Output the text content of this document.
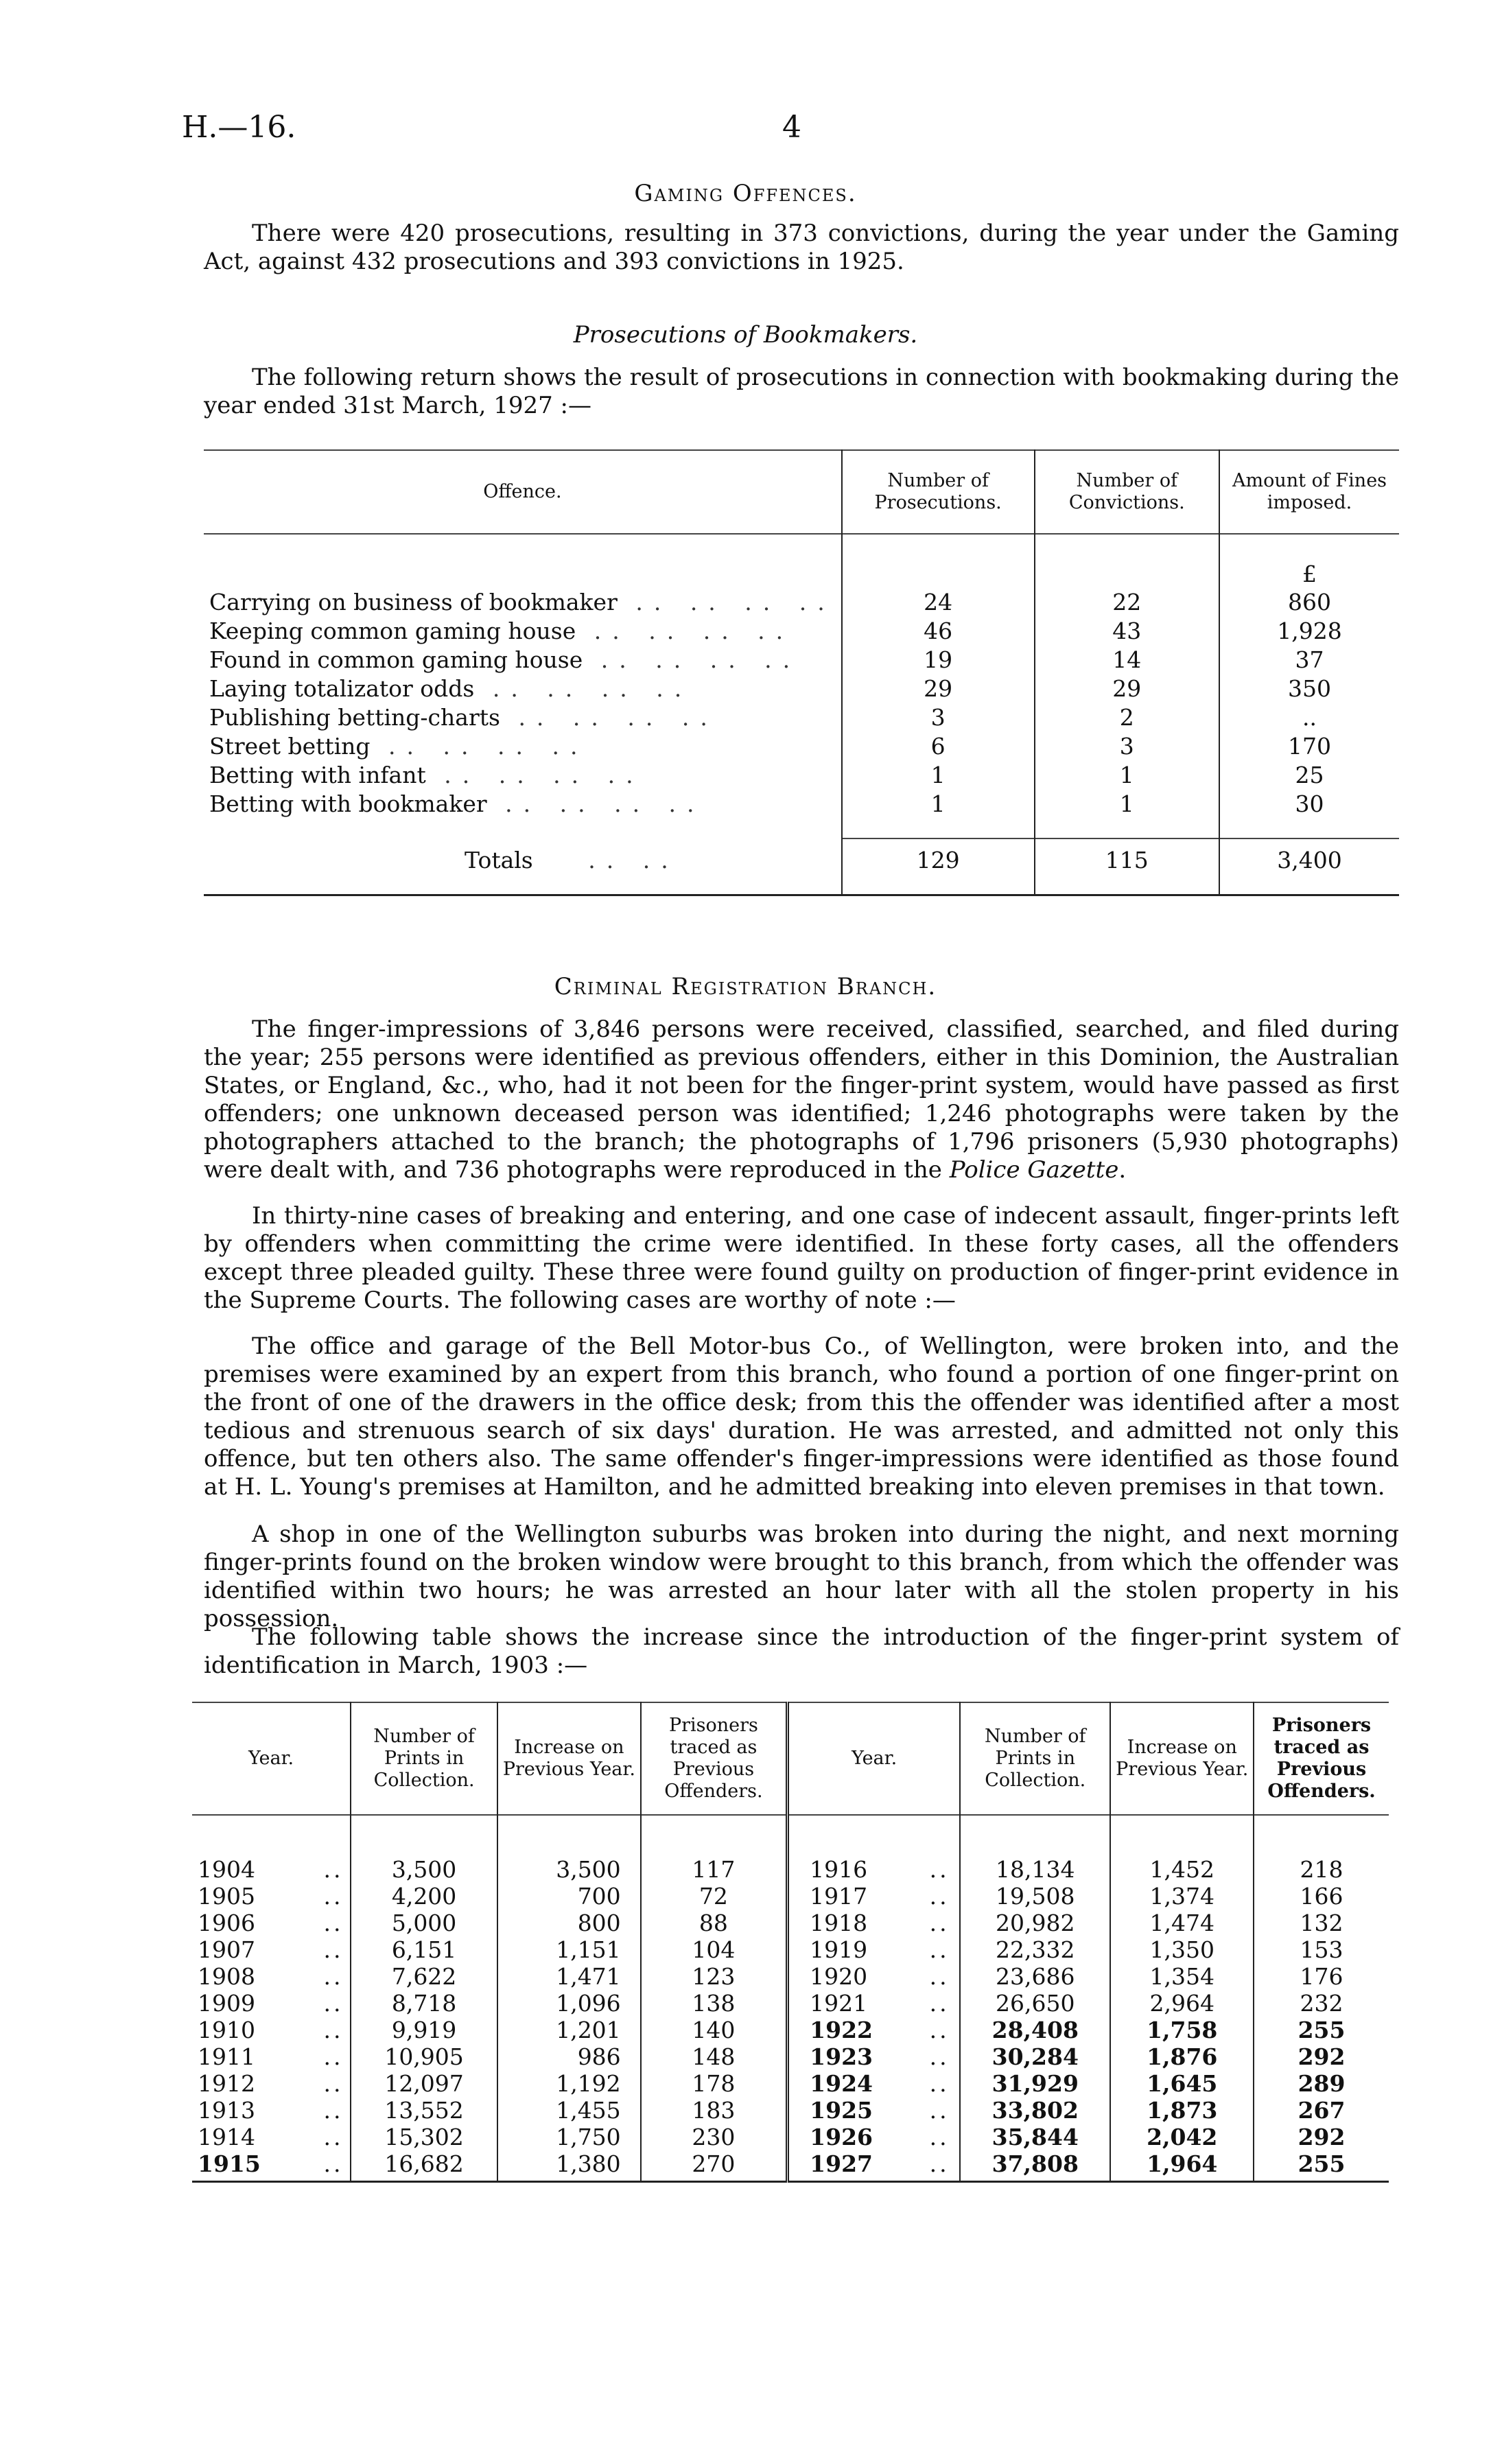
H.—16.	4
Gaming Offences.
There were 420 prosecutions, resulting in 373 convictions, during the year under the Gaming Act, against 432 prosecutions and 393 convictions in 1925.
Prosecutions of Bookmakers.
The following return shows the result of prosecutions in connection with bookmaking during the year ended 31st March, 1927 :—
Offence.	Number of Prosecutions.	Number of Convictions.	Amount of Fines imposed.
			£
Carrying on business of bookmaker .. .. .. ..	24	22	860
Keeping common gaming house .. .. .. ..	46	43	1,928
Found in common gaming house .. .. .. ..	19	14	37
Laying totalizator odds .. .. .. ..	29	29	350
Publishing betting-charts .. .. .. ..	3	2	..
Street betting .. .. .. ..	6	3	170
Betting with infant .. .. .. ..	1	1	25
Betting with bookmaker .. .. .. ..	1	1	30

Totals .. ..	129	115	3,400

Criminal Registration Branch.
The finger-impressions of 3,846 persons were received, classified, searched, and filed during the year; 255 persons were identified as previous offenders, either in this Dominion, the Australian States, or England, &c., who, had it not been for the finger-print system, would have passed as first offenders; one unknown deceased person was identified; 1,246 photographs were taken by the photographers attached to the branch; the photographs of 1,796 prisoners (5,930 photographs) were dealt with, and 736 photographs were reproduced in the Police Gazette.
In thirty-nine cases of breaking and entering, and one case of indecent assault, finger-prints left by offenders when committing the crime were identified. In these forty cases, all the offenders except three pleaded guilty. These three were found guilty on production of finger-print evidence in the Supreme Courts. The following cases are worthy of note :—
The office and garage of the Bell Motor-bus Co., of Wellington, were broken into, and the premises were examined by an expert from this branch, who found a portion of one finger-print on the front of one of the drawers in the office desk; from this the offender was identified after a most tedious and strenuous search of six days' duration. He was arrested, and admitted not only this offence, but ten others also. The same offender's finger-impressions were identified as those found at H. L. Young's premises at Hamilton, and he admitted breaking into eleven premises in that town.
A shop in one of the Wellington suburbs was broken into during the night, and next morning finger-prints found on the broken window were brought to this branch, from which the offender was identified within two hours; he was arrested an hour later with all the stolen property in his possession.
The following table shows the increase since the introduction of the finger-print system of identification in March, 1903 :—
Year.		Number of Prints in Collection.	Increase on Previous Year.	Prisoners traced as Previous Offenders.	Year.		Number of Prints in Collection.	Increase on Previous Year.	Prisoners traced as Previous Offenders.

1904	..	3,500	3,500	117	1916	..	18,134	1,452	218
1905	..	4,200	700	72	1917	..	19,508	1,374	166
1906	..	5,000	800	88	1918	..	20,982	1,474	132
1907	..	6,151	1,151	104	1919	..	22,332	1,350	153
1908	..	7,622	1,471	123	1920	..	23,686	1,354	176
1909	..	8,718	1,096	138	1921	..	26,650	2,964	232
1910	..	9,919	1,201	140	1922	..	28,408	1,758	255
1911	..	10,905	986	148	1923	..	30,284	1,876	292
1912	..	12,097	1,192	178	1924	..	31,929	1,645	289
1913	..	13,552	1,455	183	1925	..	33,802	1,873	267
1914	..	15,302	1,750	230	1926	..	35,844	2,042	292
1915	..	16,682	1,380	270	1927	..	37,808	1,964	255
